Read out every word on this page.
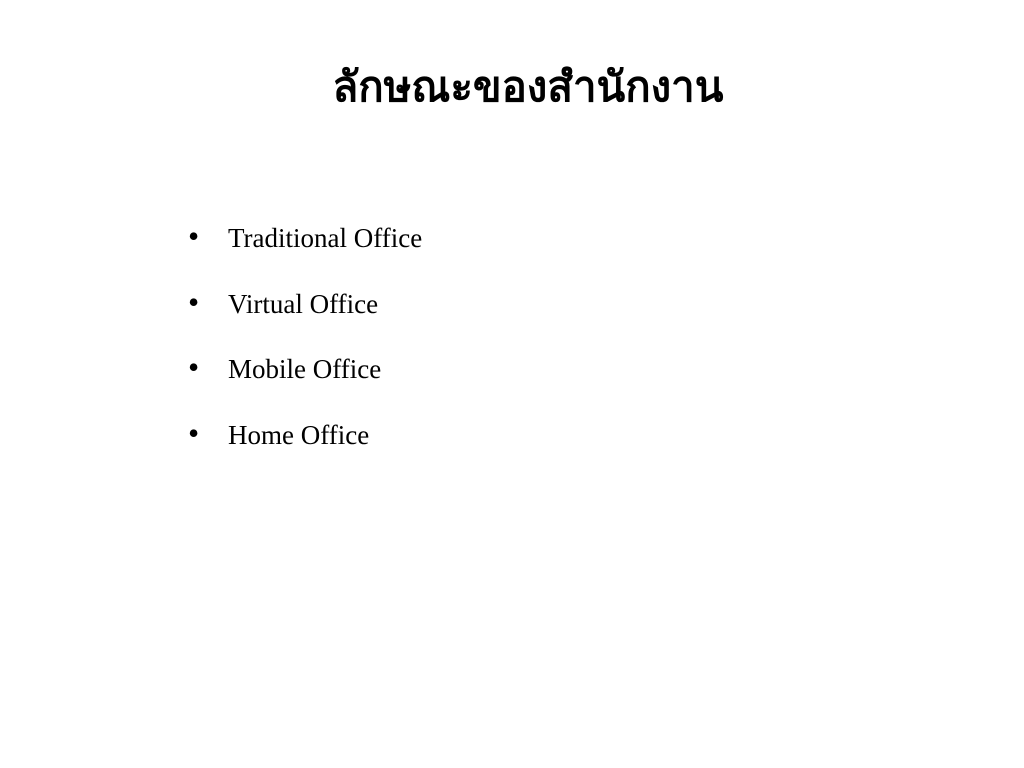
ลักษณะของสำนักงาน
•	Traditional Office
•	Virtual Office
•	Mobile Office
•	Home Office
